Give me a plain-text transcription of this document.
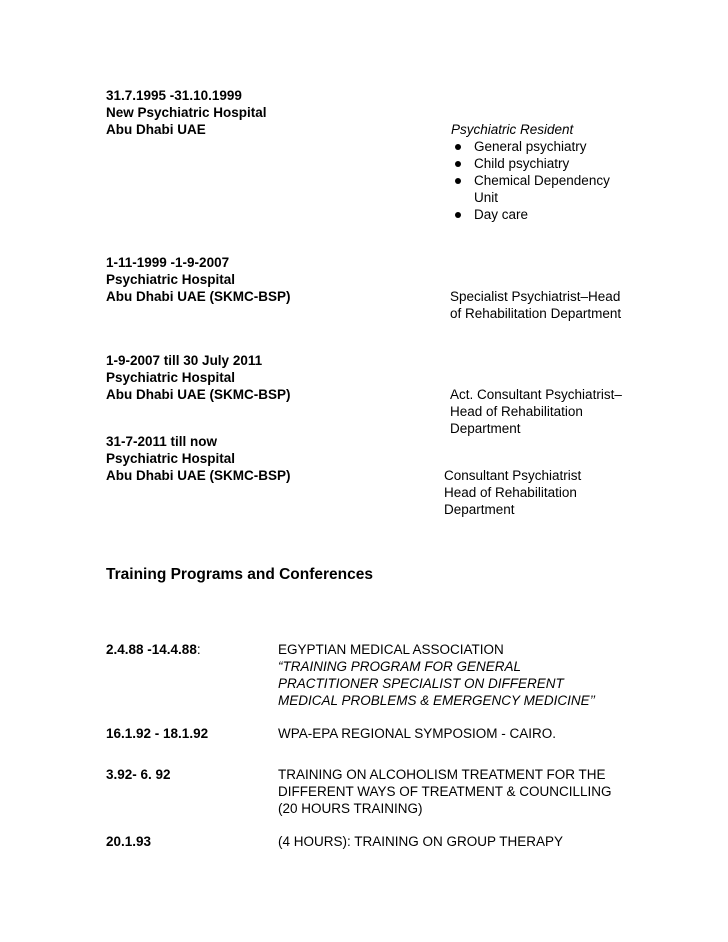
31.7.1995 -31.10.1999
New Psychiatric Hospital
Abu Dhabi UAE	Psychiatric Resident
General psychiatry
Child psychiatry
Chemical Dependency Unit
Day care
1-11-1999 -1-9-2007
Psychiatric Hospital
Abu Dhabi UAE (SKMC-BSP)	Specialist Psychiatrist–Head
of Rehabilitation Department
1-9-2007 till 30 July 2011
Psychiatric Hospital
Abu Dhabi UAE (SKMC-BSP)	Act. Consultant Psychiatrist–
Head of Rehabilitation
Department
31-7-2011 till now
Psychiatric Hospital
Abu Dhabi UAE (SKMC-BSP)	Consultant Psychiatrist
Head of Rehabilitation
Department
Training Programs and Conferences
2.4.88 -14.4.88:	EGYPTIAN MEDICAL ASSOCIATION
“TRAINING PROGRAM FOR GENERAL
PRACTITIONER SPECIALIST ON DIFFERENT
MEDICAL PROBLEMS & EMERGENCY MEDICINE’’
16.1.92 - 18.1.92	WPA-EPA REGIONAL SYMPOSIOM - CAIRO.
3.92- 6. 92	TRAINING ON ALCOHOLISM TREATMENT FOR THE
DIFFERENT WAYS OF TREATMENT & COUNCILLING
(20 HOURS TRAINING)
20.1.93	(4 HOURS): TRAINING ON GROUP THERAPY
